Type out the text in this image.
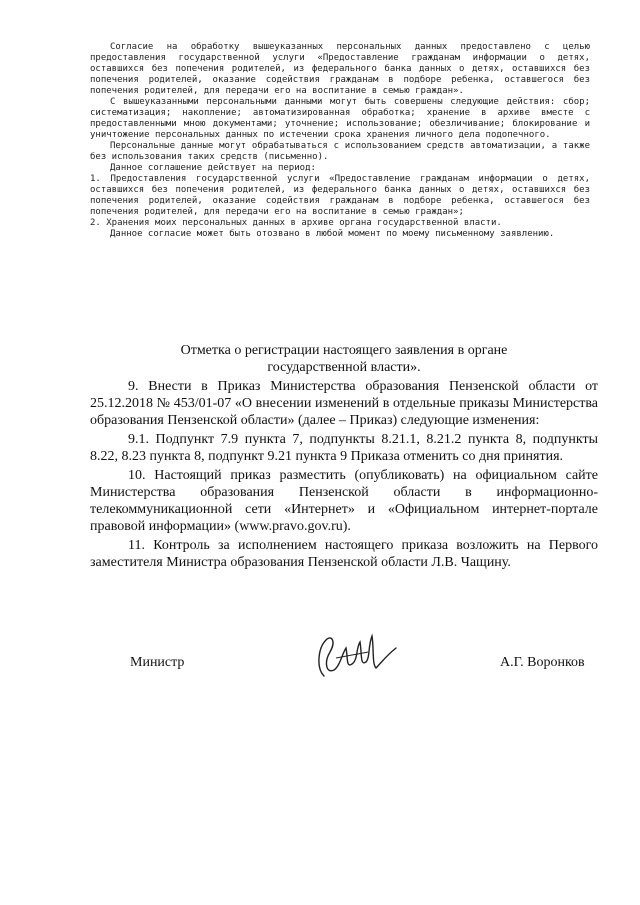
Согласие на обработку вышеуказанных персональных данных предоставлено с целью предоставления государственной услуги «Предоставление гражданам информации о детях, оставшихся без попечения родителей, из федерального банка данных о детях, оставшихся без попечения родителей, оказание содействия гражданам в подборе ребенка, оставшегося без попечения родителей, для передачи его на воспитание в семью граждан».

С вышеуказанными персональными данными могут быть совершены следующие действия: сбор; систематизация; накопление; автоматизированная обработка; хранение в архиве вместе с предоставленными мною документами; уточнение; использование; обезличивание; блокирование и уничтожение персональных данных по истечении срока хранения личного дела подопечного.

Персональные данные могут обрабатываться с использованием средств автоматизации, а также без использования таких средств (письменно).

Данное соглашение действует на период:

1. Предоставления государственной услуги «Предоставление гражданам информации о детях, оставшихся без попечения родителей, из федерального банка данных о детях, оставшихся без попечения родителей, оказание содействия гражданам в подборе ребенка, оставшегося без попечения родителей, для передачи его на воспитание в семью граждан»;

2. Хранения моих персональных данных в архиве органа государственной власти.

Данное согласие может быть отозвано в любой момент по моему письменному заявлению.

Отметка о регистрации настоящего заявления в органе
государственной власти».

9. Внести в Приказ Министерства образования Пензенской области от 25.12.2018 № 453/01-07 «О внесении изменений в отдельные приказы Министерства образования Пензенской области» (далее – Приказ) следующие изменения:

9.1. Подпункт 7.9 пункта 7, подпункты 8.21.1, 8.21.2 пункта 8, подпункты 8.22, 8.23 пункта 8, подпункт 9.21 пункта 9 Приказа отменить со дня принятия.

10. Настоящий приказ разместить (опубликовать) на официальном сайте Министерства образования Пензенской области в информационно-телекоммуникационной сети «Интернет» и «Официальном интернет-портале правовой информации» (www.pravo.gov.ru).

11. Контроль за исполнением настоящего приказа возложить на Первого заместителя Министра образования Пензенской области Л.В. Чащину.

Министр	А.Г. Воронков
